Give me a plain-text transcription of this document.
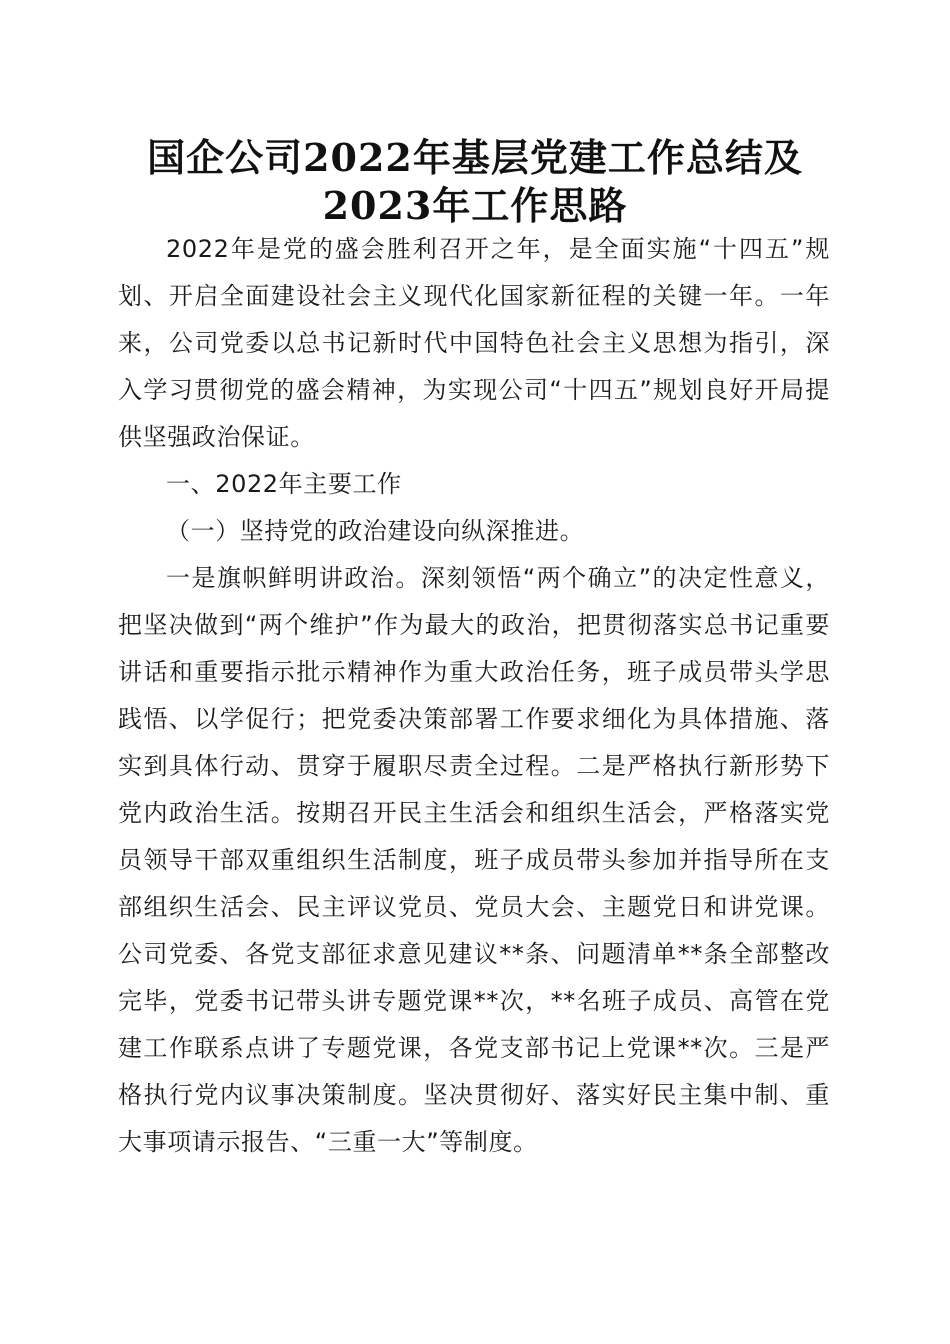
国企公司2022年基层党建工作总结及2023年工作思路

2022年是党的盛会胜利召开之年，是全面实施“十四五”规划、开启全面建设社会主义现代化国家新征程的关键一年。一年来，公司党委以总书记新时代中国特色社会主义思想为指引，深入学习贯彻党的盛会精神，为实现公司“十四五”规划良好开局提供坚强政治保证。

一、2022年主要工作

（一）坚持党的政治建设向纵深推进。

一是旗帜鲜明讲政治。深刻领悟“两个确立”的决定性意义，把坚决做到“两个维护”作为最大的政治，把贯彻落实总书记重要讲话和重要指示批示精神作为重大政治任务，班子成员带头学思践悟、以学促行；把党委决策部署工作要求细化为具体措施、落实到具体行动、贯穿于履职尽责全过程。二是严格执行新形势下党内政治生活。按期召开民主生活会和组织生活会，严格落实党员领导干部双重组织生活制度，班子成员带头参加并指导所在支部组织生活会、民主评议党员、党员大会、主题党日和讲党课。公司党委、各党支部征求意见建议**条、问题清单**条全部整改完毕，党委书记带头讲专题党课**次，**名班子成员、高管在党建工作联系点讲了专题党课，各党支部书记上党课**次。三是严格执行党内议事决策制度。坚决贯彻好、落实好民主集中制、重大事项请示报告、“三重一大”等制度。
